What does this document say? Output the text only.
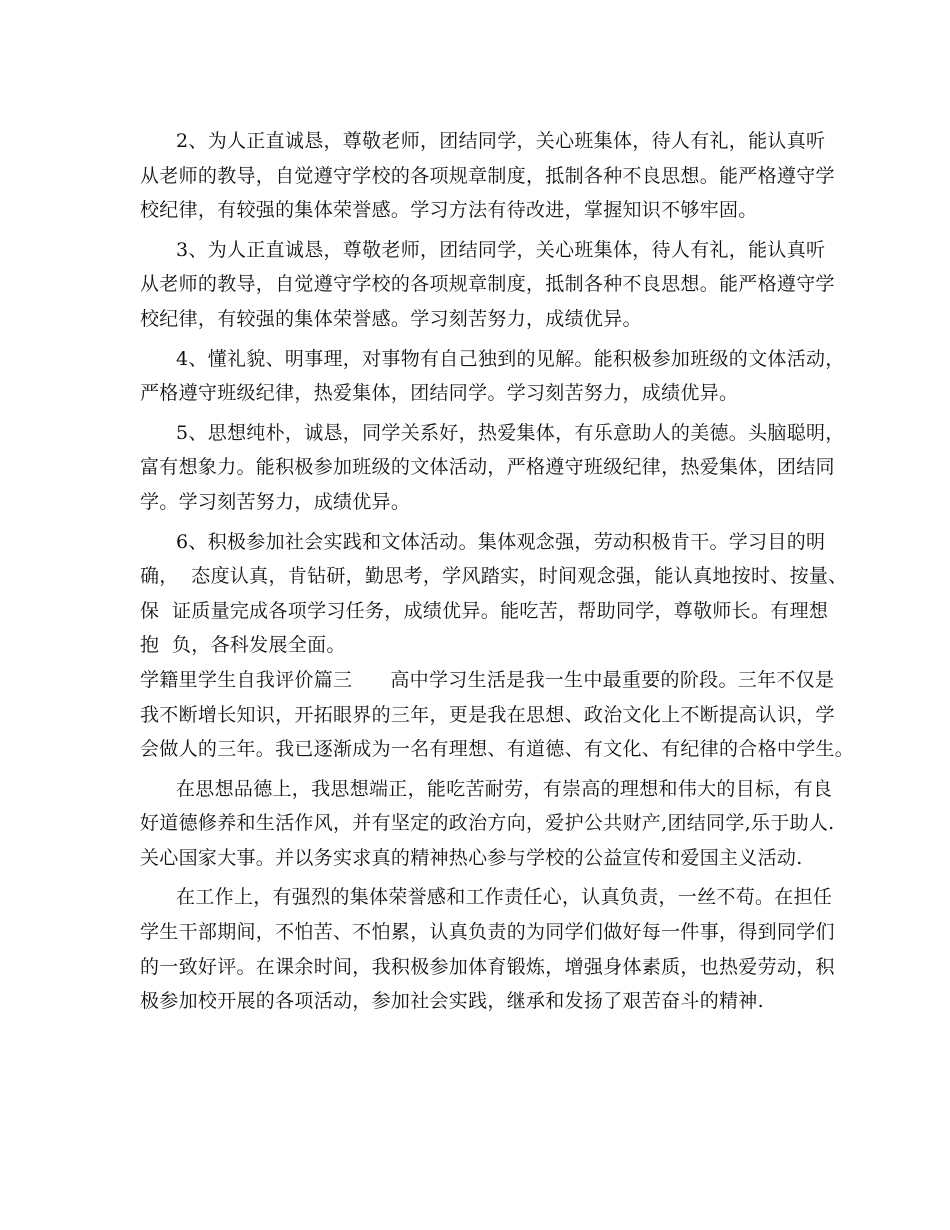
2、为人正直诚恳，尊敬老师，团结同学，关心班集体，待人有礼，能认真听
从老师的教导，自觉遵守学校的各项规章制度，抵制各种不良思想。能严格遵守学
校纪律，有较强的集体荣誉感。学习方法有待改进，掌握知识不够牢固。
3、为人正直诚恳，尊敬老师，团结同学，关心班集体，待人有礼，能认真听
从老师的教导，自觉遵守学校的各项规章制度，抵制各种不良思想。能严格遵守学
校纪律，有较强的集体荣誉感。学习刻苦努力，成绩优异。
4、懂礼貌、明事理，对事物有自己独到的见解。能积极参加班级的文体活动，
严格遵守班级纪律，热爱集体，团结同学。学习刻苦努力，成绩优异。
5、思想纯朴，诚恳，同学关系好，热爱集体，有乐意助人的美德。头脑聪明，
富有想象力。能积极参加班级的文体活动，严格遵守班级纪律，热爱集体，团结同
学。学习刻苦努力，成绩优异。
6、积极参加社会实践和文体活动。集体观念强，劳动积极肯干。学习目的明
确，  态度认真，肯钻研，勤思考，学风踏实，时间观念强，能认真地按时、按量、
保  证质量完成各项学习任务，成绩优异。能吃苦，帮助同学，尊敬师长。有理想
抱  负，各科发展全面。
学籍里学生自我评价篇三      高中学习生活是我一生中最重要的阶段。三年不仅是
我不断增长知识，开拓眼界的三年，更是我在思想、政治文化上不断提高认识，学
会做人的三年。我已逐渐成为一名有理想、有道德、有文化、有纪律的合格中学生。
在思想品德上，我思想端正，能吃苦耐劳，有崇高的理想和伟大的目标，有良
好道德修养和生活作风，并有坚定的政治方向，爱护公共财产,团结同学,乐于助人.
关心国家大事。并以务实求真的精神热心参与学校的公益宣传和爱国主义活动.
在工作上，有强烈的集体荣誉感和工作责任心，认真负责，一丝不苟。在担任
学生干部期间，不怕苦、不怕累，认真负责的为同学们做好每一件事，得到同学们
的一致好评。在课余时间，我积极参加体育锻炼，增强身体素质，也热爱劳动，积
极参加校开展的各项活动，参加社会实践，继承和发扬了艰苦奋斗的精神.
